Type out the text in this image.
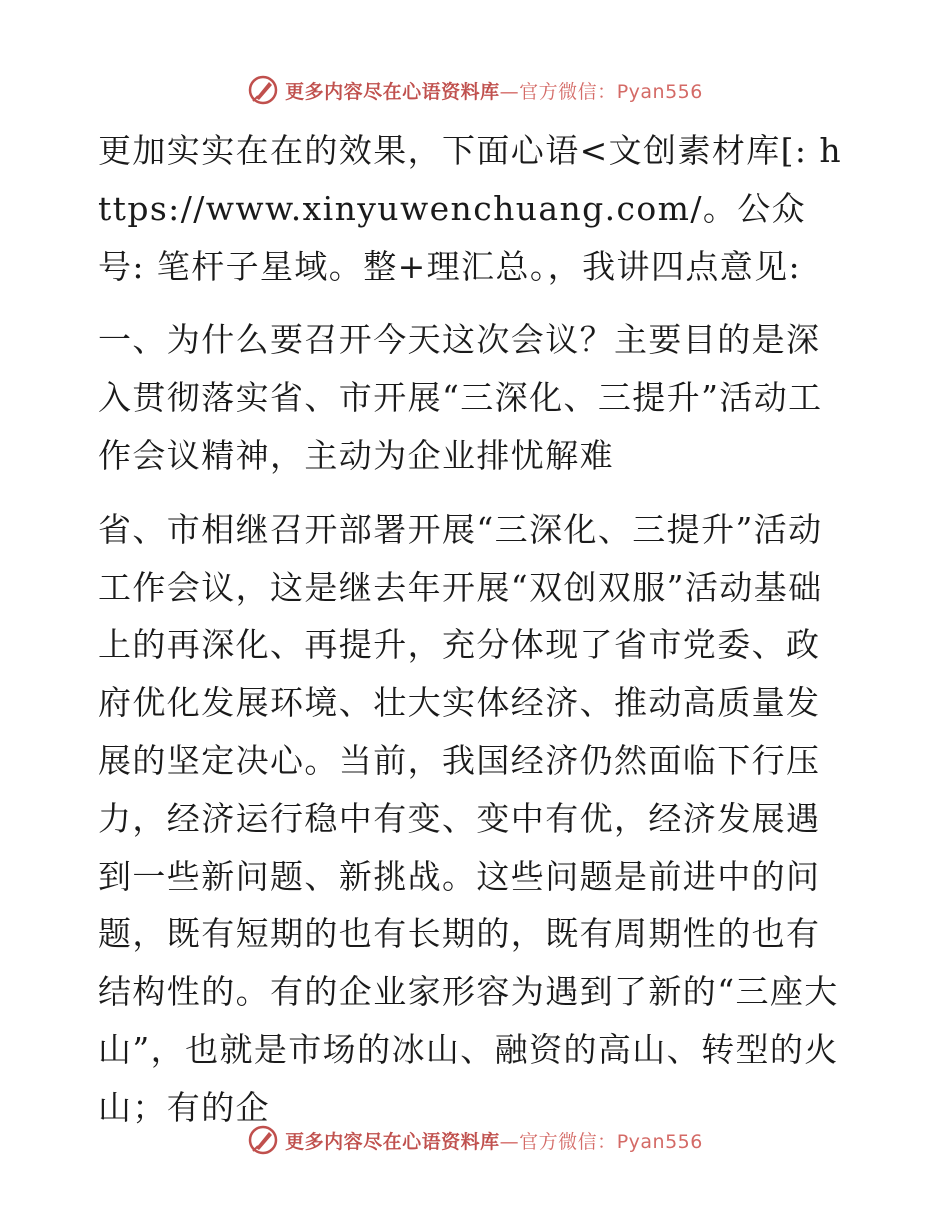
更多内容尽在心语资料库—官方微信：Pyan556

更加实实在在的效果，下面心语<文创素材库[: https://www.xinyuwenchuang.com/。公众号: 笔杆子星域。整+理汇总。，我讲四点意见:

一、为什么要召开今天这次会议？主要目的是深入贯彻落实省、市开展“三深化、三提升”活动工作会议精神，主动为企业排忧解难

省、市相继召开部署开展“三深化、三提升”活动工作会议，这是继去年开展“双创双服”活动基础上的再深化、再提升，充分体现了省市党委、政府优化发展环境、壮大实体经济、推动高质量发展的坚定决心。当前，我国经济仍然面临下行压力，经济运行稳中有变、变中有优，经济发展遇到一些新问题、新挑战。这些问题是前进中的问题，既有短期的也有长期的，既有周期性的也有结构性的。有的企业家形容为遇到了新的“三座大山”，也就是市场的冰山、融资的高山、转型的火山；有的企

更多内容尽在心语资料库—官方微信：Pyan556
